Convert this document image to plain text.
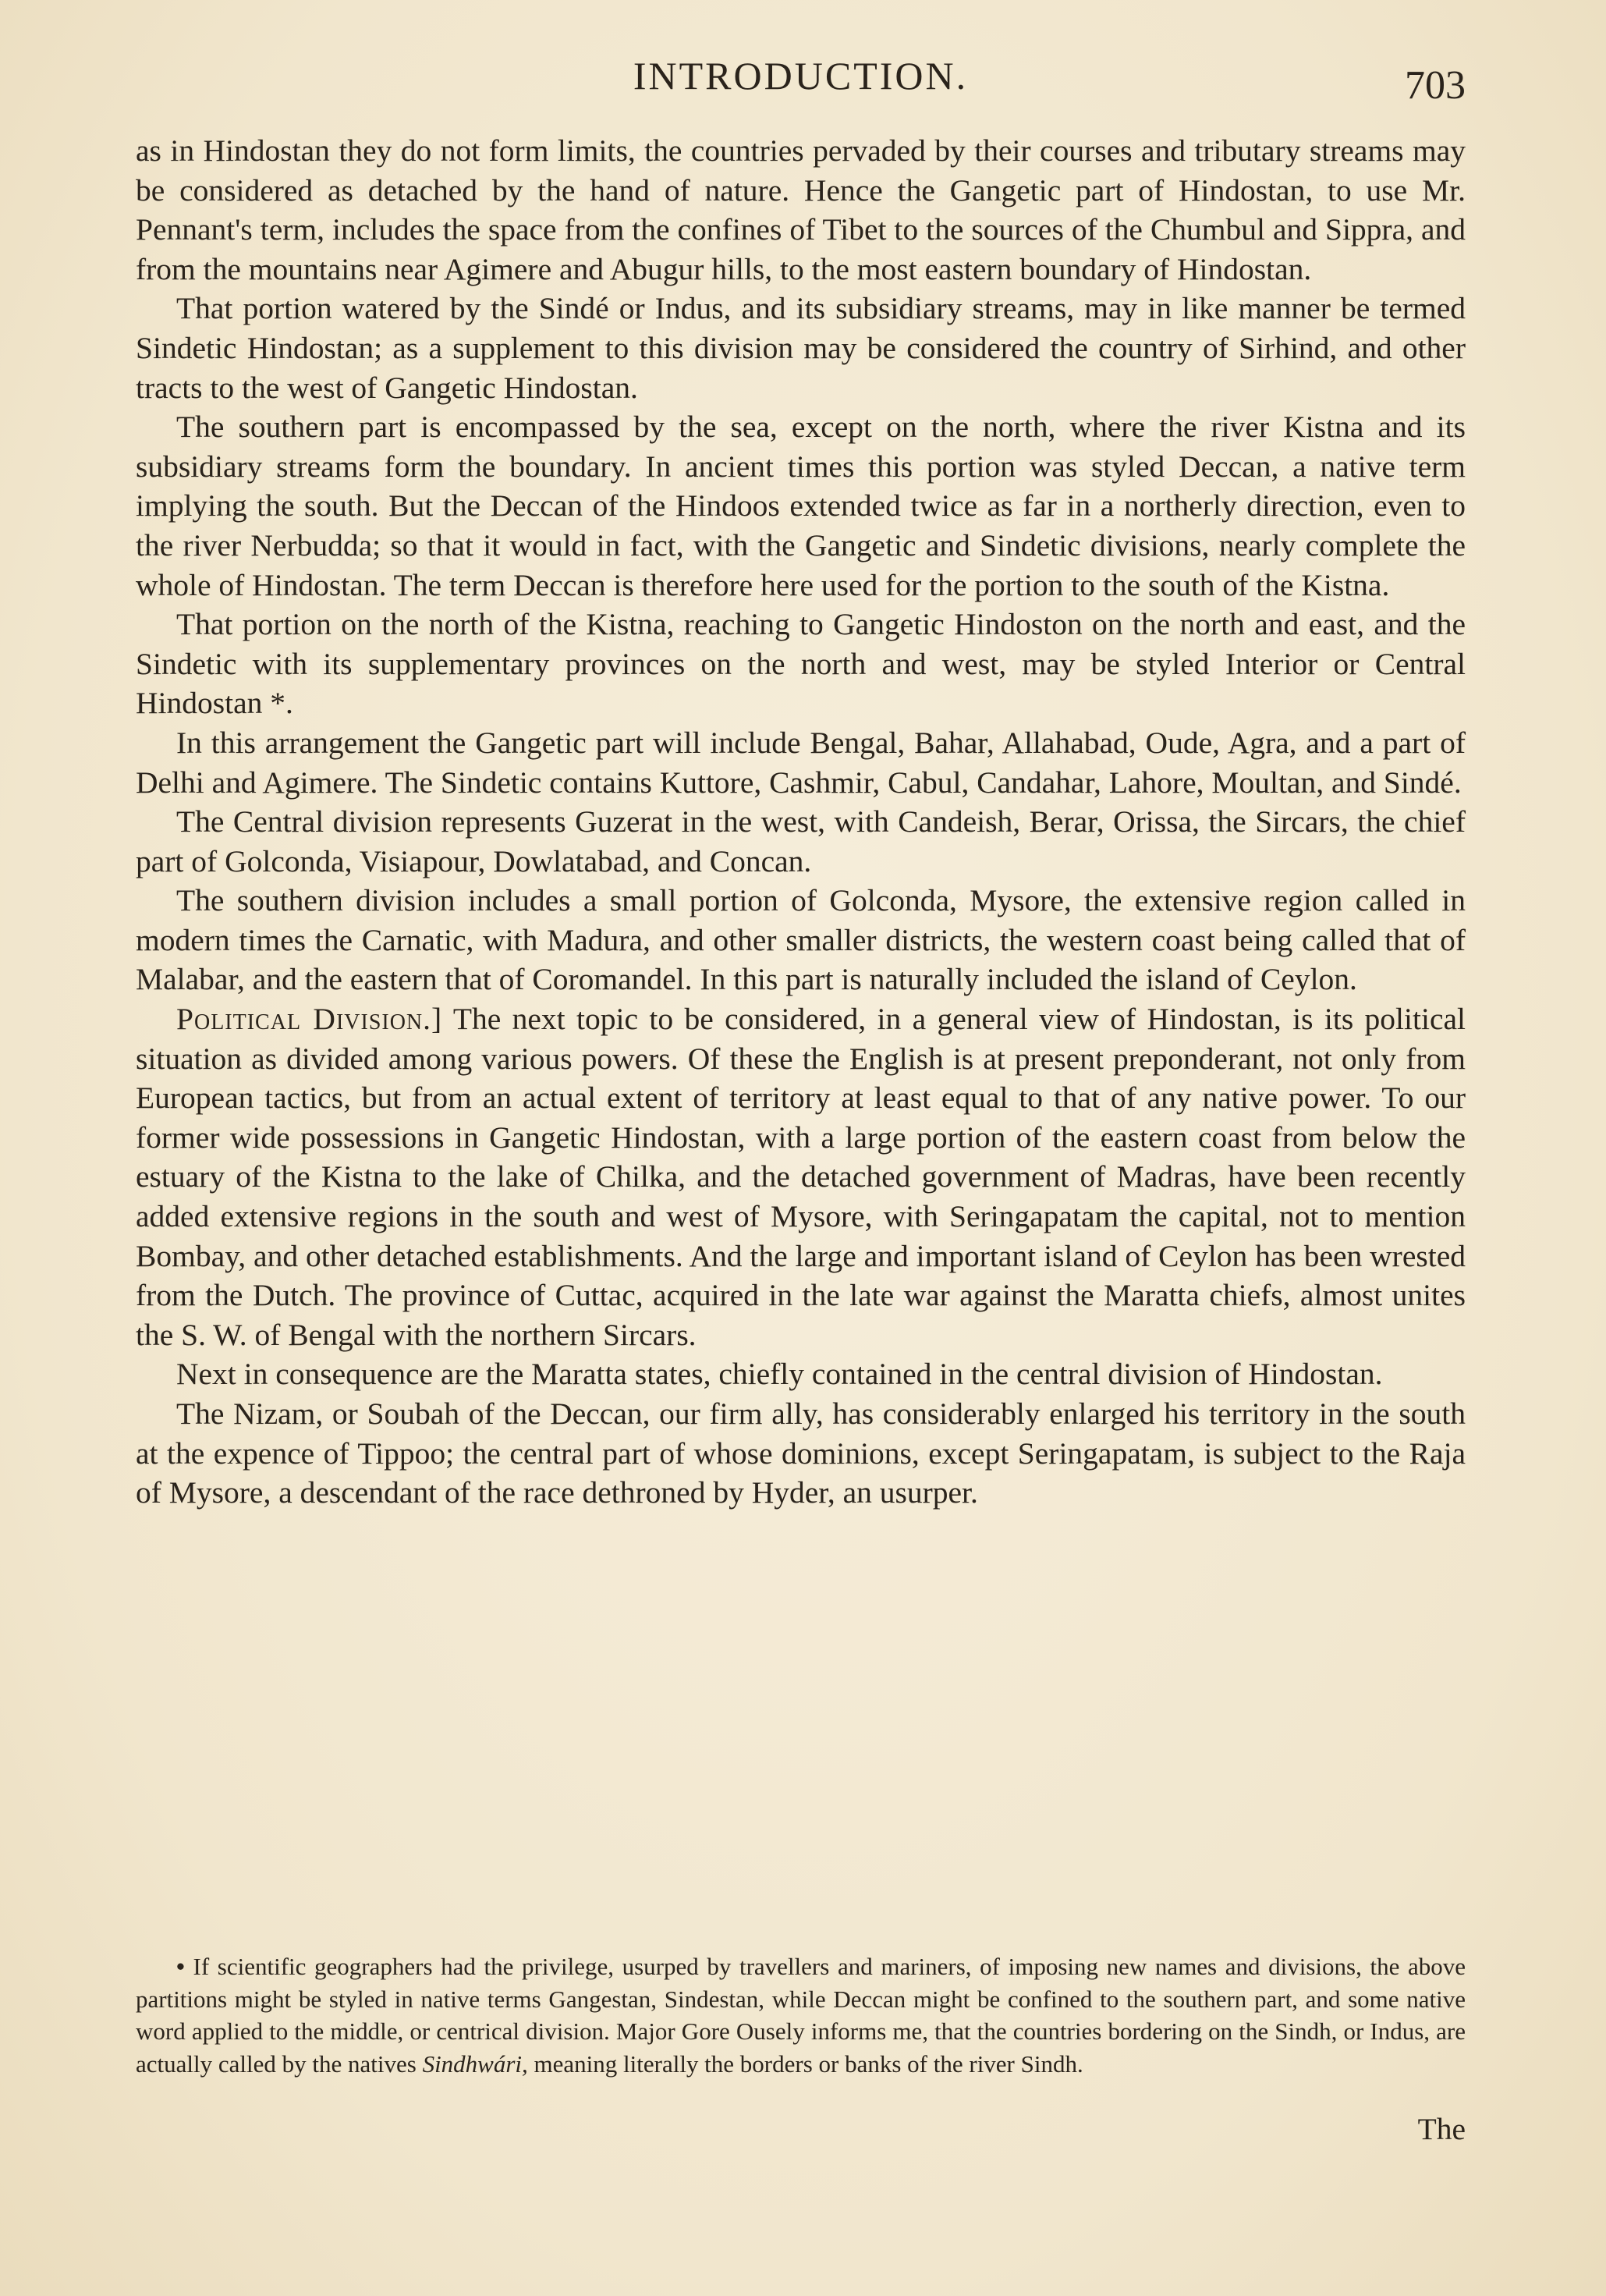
INTRODUCTION.	703

as in Hindostan they do not form limits, the countries pervaded by their courses and tributary streams may be considered as detached by the hand of nature. Hence the Gangetic part of Hindostan, to use Mr. Pennant's term, includes the space from the confines of Tibet to the sources of the Chumbul and Sippra, and from the mountains near Agimere and Abugur hills, to the most eastern boundary of Hindostan.

That portion watered by the Sindé or Indus, and its subsidiary streams, may in like manner be termed Sindetic Hindostan; as a supplement to this division may be considered the country of Sirhind, and other tracts to the west of Gangetic Hindostan.

The southern part is encompassed by the sea, except on the north, where the river Kistna and its subsidiary streams form the boundary. In ancient times this portion was styled Deccan, a native term implying the south. But the Deccan of the Hindoos extended twice as far in a northerly direction, even to the river Nerbudda; so that it would in fact, with the Gangetic and Sindetic divisions, nearly complete the whole of Hindostan. The term Deccan is therefore here used for the portion to the south of the Kistna.

That portion on the north of the Kistna, reaching to Gangetic Hindoston on the north and east, and the Sindetic with its supplementary provinces on the north and west, may be styled Interior or Central Hindostan *.

In this arrangement the Gangetic part will include Bengal, Bahar, Allahabad, Oude, Agra, and a part of Delhi and Agimere. The Sindetic contains Kuttore, Cashmir, Cabul, Candahar, Lahore, Moultan, and Sindé.

The Central division represents Guzerat in the west, with Candeish, Berar, Orissa, the Sircars, the chief part of Golconda, Visiapour, Dowlatabad, and Concan.

The southern division includes a small portion of Golconda, Mysore, the extensive region called in modern times the Carnatic, with Madura, and other smaller districts, the western coast being called that of Malabar, and the eastern that of Coromandel. In this part is naturally included the island of Ceylon.

Political Division.] The next topic to be considered, in a general view of Hindostan, is its political situation as divided among various powers. Of these the English is at present preponderant, not only from European tactics, but from an actual extent of territory at least equal to that of any native power. To our former wide possessions in Gangetic Hindostan, with a large portion of the eastern coast from below the estuary of the Kistna to the lake of Chilka, and the detached government of Madras, have been recently added extensive regions in the south and west of Mysore, with Seringapatam the capital, not to mention Bombay, and other detached establishments. And the large and important island of Ceylon has been wrested from the Dutch. The province of Cuttac, acquired in the late war against the Maratta chiefs, almost unites the S. W. of Bengal with the northern Sircars.

Next in consequence are the Maratta states, chiefly contained in the central division of Hindostan.

The Nizam, or Soubah of the Deccan, our firm ally, has considerably enlarged his territory in the south at the expence of Tippoo; the central part of whose dominions, except Seringapatam, is subject to the Raja of Mysore, a descendant of the race dethroned by Hyder, an usurper.

• If scientific geographers had the privilege, usurped by travellers and mariners, of imposing new names and divisions, the above partitions might be styled in native terms Gangestan, Sindestan, while Deccan might be confined to the southern part, and some native word applied to the middle, or centrical division. Major Gore Ousely informs me, that the countries bordering on the Sindh, or Indus, are actually called by the natives Sindhwári, meaning literally the borders or banks of the river Sindh.
The
